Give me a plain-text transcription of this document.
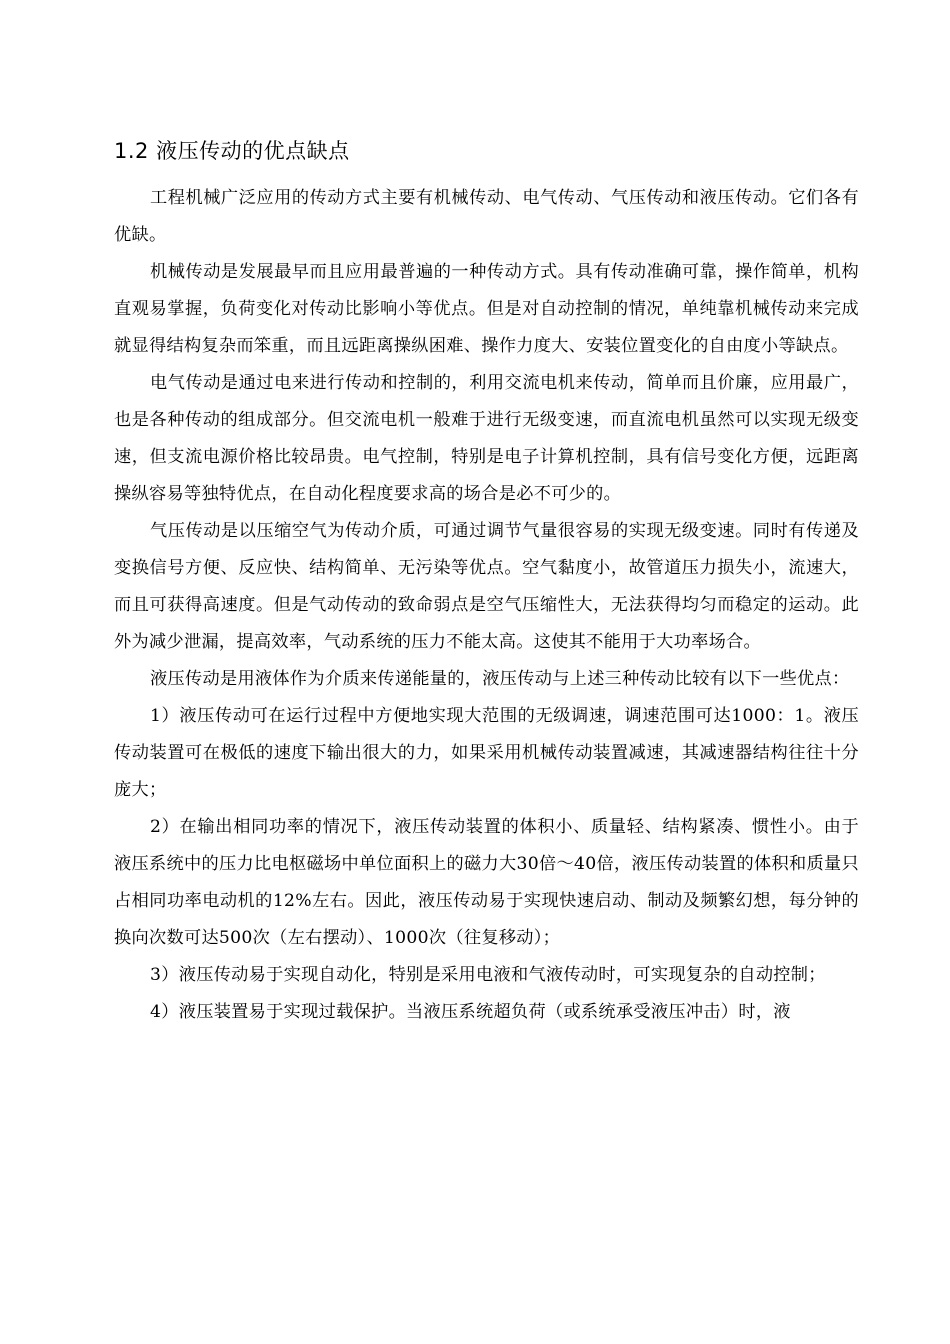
1.2 液压传动的优点缺点

工程机械广泛应用的传动方式主要有机械传动、电气传动、气压传动和液压传动。它们各有优缺。

机械传动是发展最早而且应用最普遍的一种传动方式。具有传动准确可靠，操作简单，机构直观易掌握，负荷变化对传动比影响小等优点。但是对自动控制的情况，单纯靠机械传动来完成就显得结构复杂而笨重，而且远距离操纵困难、操作力度大、安装位置变化的自由度小等缺点。

电气传动是通过电来进行传动和控制的，利用交流电机来传动，简单而且价廉，应用最广，也是各种传动的组成部分。但交流电机一般难于进行无级变速，而直流电机虽然可以实现无级变速，但支流电源价格比较昂贵。电气控制，特别是电子计算机控制，具有信号变化方便，远距离操纵容易等独特优点，在自动化程度要求高的场合是必不可少的。

气压传动是以压缩空气为传动介质，可通过调节气量很容易的实现无级变速。同时有传递及变换信号方便、反应快、结构简单、无污染等优点。空气黏度小，故管道压力损失小，流速大，而且可获得高速度。但是气动传动的致命弱点是空气压缩性大，无法获得均匀而稳定的运动。此外为减少泄漏，提高效率，气动系统的压力不能太高。这使其不能用于大功率场合。

液压传动是用液体作为介质来传递能量的，液压传动与上述三种传动比较有以下一些优点：

1）液压传动可在运行过程中方便地实现大范围的无级调速，调速范围可达1000：1。液压传动装置可在极低的速度下输出很大的力，如果采用机械传动装置减速，其减速器结构往往十分庞大；

2）在输出相同功率的情况下，液压传动装置的体积小、质量轻、结构紧凑、惯性小。由于液压系统中的压力比电枢磁场中单位面积上的磁力大30倍～40倍，液压传动装置的体积和质量只占相同功率电动机的12%左右。因此，液压传动易于实现快速启动、制动及频繁幻想，每分钟的换向次数可达500次（左右摆动）、1000次（往复移动）；

3）液压传动易于实现自动化，特别是采用电液和气液传动时，可实现复杂的自动控制；

4）液压装置易于实现过载保护。当液压系统超负荷（或系统承受液压冲击）时，液
